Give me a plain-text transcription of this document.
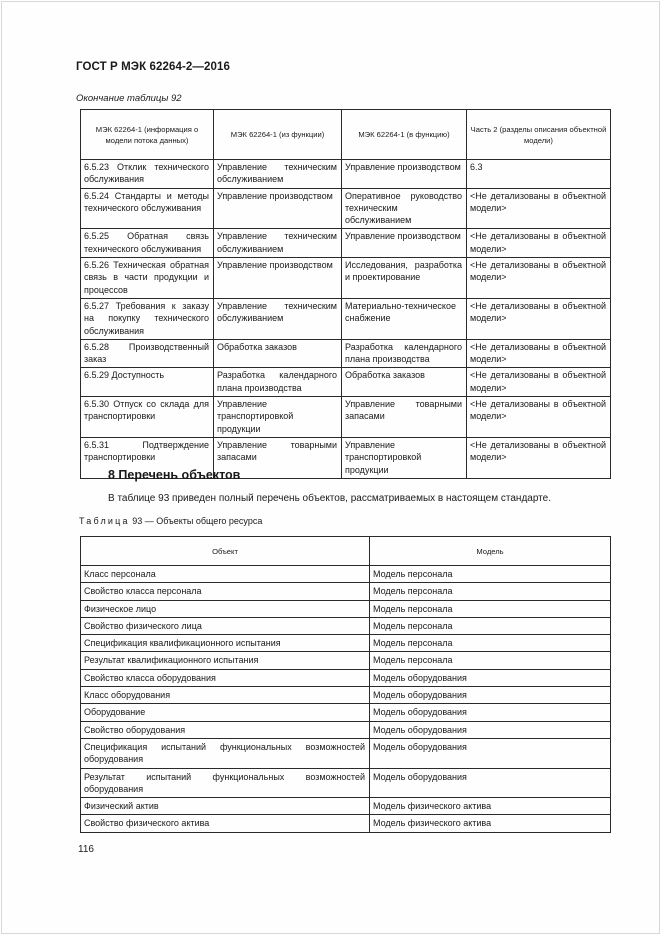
ГОСТ Р МЭК 62264-2—2016
Окончание таблицы 92
МЭК 62264-1 (информация о модели потока данных)	МЭК 62264-1 (из функции)	МЭК 62264-1 (в функцию)	Часть 2 (разделы описания объектной модели)
6.5.23 Отклик технического обслуживания	Управление техническим обслуживанием	Управление производством	6.3
6.5.24 Стандарты и методы технического обслуживания	Управление производством	Оперативное руководство техническим обслуживанием	<Не детализованы в объектной модели>
6.5.25 Обратная связь технического обслуживания	Управление техническим обслуживанием	Управление производством	<Не детализованы в объектной модели>
6.5.26 Техническая обратная связь в части продукции и процессов	Управление производством	Исследования, разработка и проектирование	<Не детализованы в объектной модели>
6.5.27 Требования к заказу на покупку технического обслуживания	Управление техническим обслуживанием	Материально-техническое снабжение	<Не детализованы в объектной модели>
6.5.28 Производственный заказ	Обработка заказов	Разработка календарного плана производства	<Не детализованы в объектной модели>
6.5.29 Доступность	Разработка календарного плана производства	Обработка заказов	<Не детализованы в объектной модели>
6.5.30 Отпуск со склада для транспортировки	Управление транспортировкой продукции	Управление товарными запасами	<Не детализованы в объектной модели>
6.5.31 Подтверждение транспортировки	Управление товарными запасами	Управление транспортировкой продукции	<Не детализованы в объектной модели>
8 Перечень объектов
В таблице 93 приведен полный перечень объектов, рассматриваемых в настоящем стандарте.
Таблица 93 — Объекты общего ресурса
Объект	Модель
Класс персонала	Модель персонала
Свойство класса персонала	Модель персонала
Физическое лицо	Модель персонала
Свойство физического лица	Модель персонала
Спецификация квалификационного испытания	Модель персонала
Результат квалификационного испытания	Модель персонала
Свойство класса оборудования	Модель оборудования
Класс оборудования	Модель оборудования
Оборудование	Модель оборудования
Свойство оборудования	Модель оборудования
Спецификация испытаний функциональных возможностей оборудования	Модель оборудования
Результат испытаний функциональных возможностей оборудования	Модель оборудования
Физический актив	Модель физического актива
Свойство физического актива	Модель физического актива
116
